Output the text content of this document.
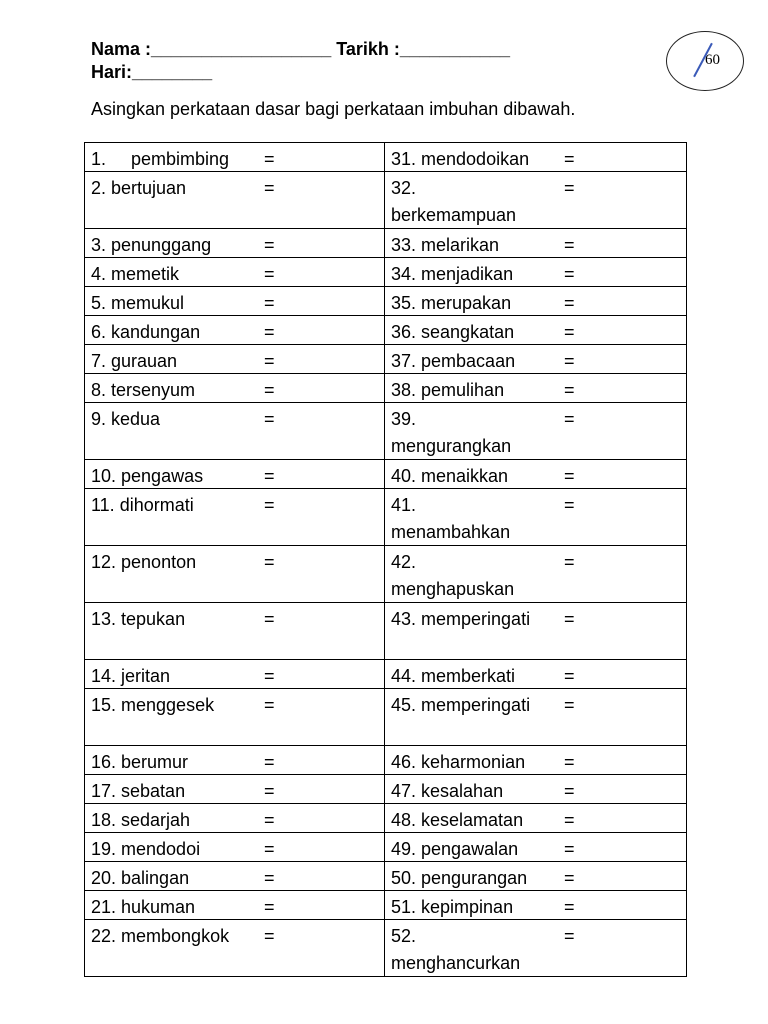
Nama :__________________ Tarikh :___________
Hari:________
60
Asingkan perkataan dasar bagi perkataan imbuhan dibawah.
1.     pembimbing =	31. mendodoikan =

2. bertujuan =	32. berkemampuan
=

3. penunggang =	33. melarikan =

4. memetik =	34. menjadikan =

5. memukul =	35. merupakan =

6. kandungan =	36. seangkatan =

7. gurauan =	37. pembacaan =

8. tersenyum =	38. pemulihan =

9. kedua =	39. mengurangkan
=

10. pengawas =	40. menaikkan =

11. dihormati =	41. menambahkan
=

12. penonton =	42. menghapuskan
=

13. tepukan =	43. memperingati =

14. jeritan =	44. memberkati =

15. menggesek =	45. memperingati =

16. berumur =	46. keharmonian =

17. sebatan =	47. kesalahan =

18. sedarjah =	48. keselamatan =

19. mendodoi =	49. pengawalan =

20. balingan =	50. pengurangan =

21. hukuman =	51. kepimpinan =

22. membongkok =	52. menghancurkan
=
